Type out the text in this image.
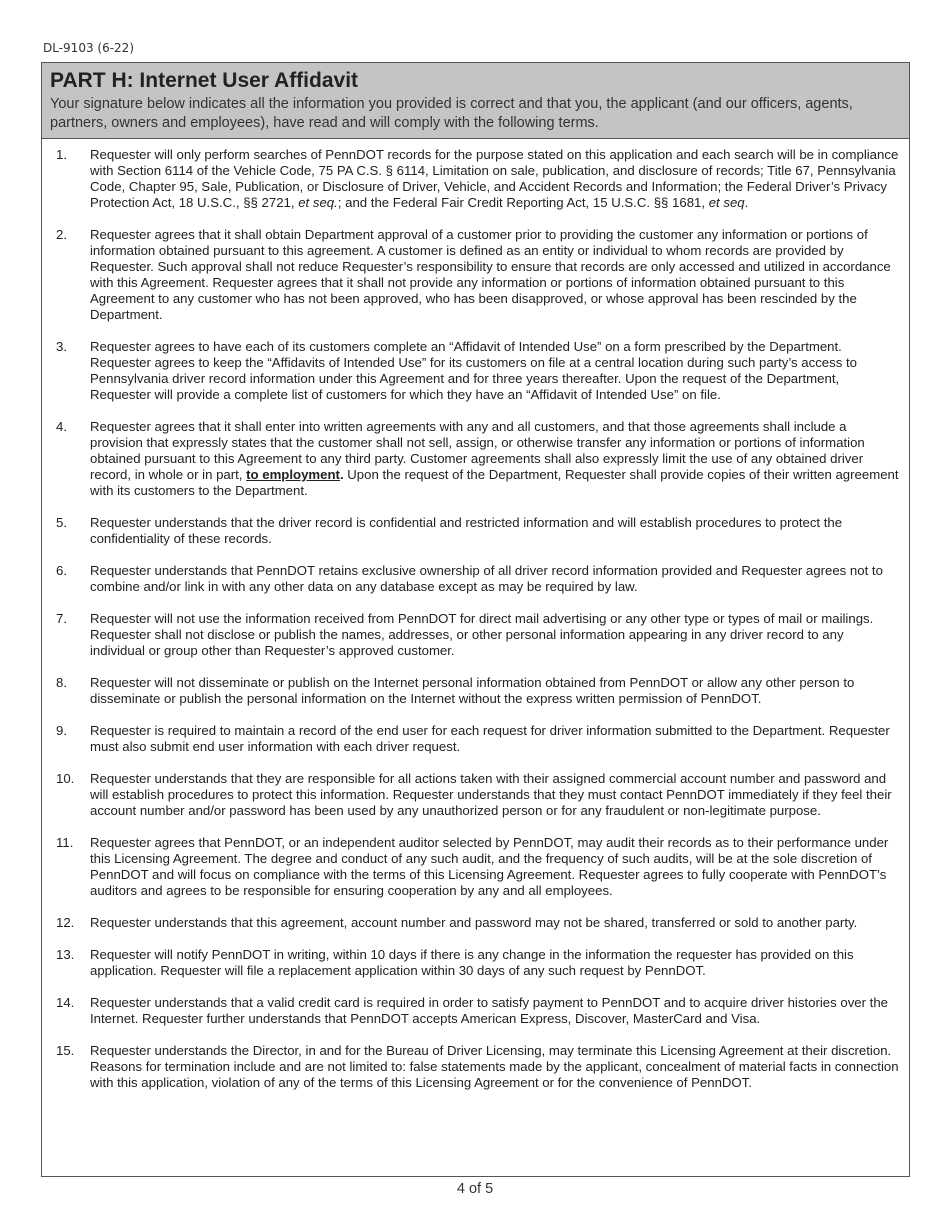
DL-9103 (6-22)
PART H: Internet User Affidavit

Your signature below indicates all the information you provided is correct and that you, the applicant (and our officers, agents, partners, owners and employees), have read and will comply with the following terms.

1.	Requester will only perform searches of PennDOT records for the purpose stated on this application and each search will be in compliance with Section 6114 of the Vehicle Code, 75 PA C.S. § 6114, Limitation on sale, publication, and disclosure of records; Title 67, Pennsylvania Code, Chapter 95, Sale, Publication, or Disclosure of Driver, Vehicle, and Accident Records and Information; the Federal Driver’s Privacy Protection Act, 18 U.S.C., §§ 2721, et seq.; and the Federal Fair Credit Reporting Act, 15 U.S.C. §§ 1681, et seq.
2.	Requester agrees that it shall obtain Department approval of a customer prior to providing the customer any information or portions of information obtained pursuant to this agreement. A customer is defined as an entity or individual to whom records are provided by Requester. Such approval shall not reduce Requester’s responsibility to ensure that records are only accessed and utilized in accordance with this Agreement. Requester agrees that it shall not provide any information or portions of information obtained pursuant to this Agreement to any customer who has not been approved, who has been disapproved, or whose approval has been rescinded by the Department.
3.	Requester agrees to have each of its customers complete an “Affidavit of Intended Use” on a form prescribed by the Department. Requester agrees to keep the “Affidavits of Intended Use” for its customers on file at a central location during such party’s access to Pennsylvania driver record information under this Agreement and for three years thereafter. Upon the request of the Department, Requester will provide a complete list of customers for which they have an “Affidavit of Intended Use” on file.
4.	Requester agrees that it shall enter into written agreements with any and all customers, and that those agreements shall include a provision that expressly states that the customer shall not sell, assign, or otherwise transfer any information or portions of information obtained pursuant to this Agreement to any third party. Customer agreements shall also expressly limit the use of any obtained driver record, in whole or in part, to employment. Upon the request of the Department, Requester shall provide copies of their written agreement with its customers to the Department.
5.	Requester understands that the driver record is confidential and restricted information and will establish procedures to protect the confidentiality of these records.
6.	Requester understands that PennDOT retains exclusive ownership of all driver record information provided and Requester agrees not to combine and/or link in with any other data on any database except as may be required by law.
7.	Requester will not use the information received from PennDOT for direct mail advertising or any other type or types of mail or mailings. Requester shall not disclose or publish the names, addresses, or other personal information appearing in any driver record to any individual or group other than Requester’s approved customer.
8.	Requester will not disseminate or publish on the Internet personal information obtained from PennDOT or allow any other person to disseminate or publish the personal information on the Internet without the express written permission of PennDOT.
9.	Requester is required to maintain a record of the end user for each request for driver information submitted to the Department. Requester must also submit end user information with each driver request.
10.	Requester understands that they are responsible for all actions taken with their assigned commercial account number and password and will establish procedures to protect this information. Requester understands that they must contact PennDOT immediately if they feel their account number and/or password has been used by any unauthorized person or for any fraudulent or non-legitimate purpose.
11.	Requester agrees that PennDOT, or an independent auditor selected by PennDOT, may audit their records as to their performance under this Licensing Agreement. The degree and conduct of any such audit, and the frequency of such audits, will be at the sole discretion of PennDOT and will focus on compliance with the terms of this Licensing Agreement. Requester agrees to fully cooperate with PennDOT’s auditors and agrees to be responsible for ensuring cooperation by any and all employees.
12.	Requester understands that this agreement, account number and password may not be shared, transferred or sold to another party.
13.	Requester will notify PennDOT in writing, within 10 days if there is any change in the information the requester has provided on this application. Requester will file a replacement application within 30 days of any such request by PennDOT.
14.	Requester understands that a valid credit card is required in order to satisfy payment to PennDOT and to acquire driver histories over the Internet. Requester further understands that PennDOT accepts American Express, Discover, MasterCard and Visa.
15.	Requester understands the Director, in and for the Bureau of Driver Licensing, may terminate this Licensing Agreement at their discretion. Reasons for termination include and are not limited to: false statements made by the applicant, concealment of material facts in connection with this application, violation of any of the terms of this Licensing Agreement or for the convenience of PennDOT.
4 of 5
